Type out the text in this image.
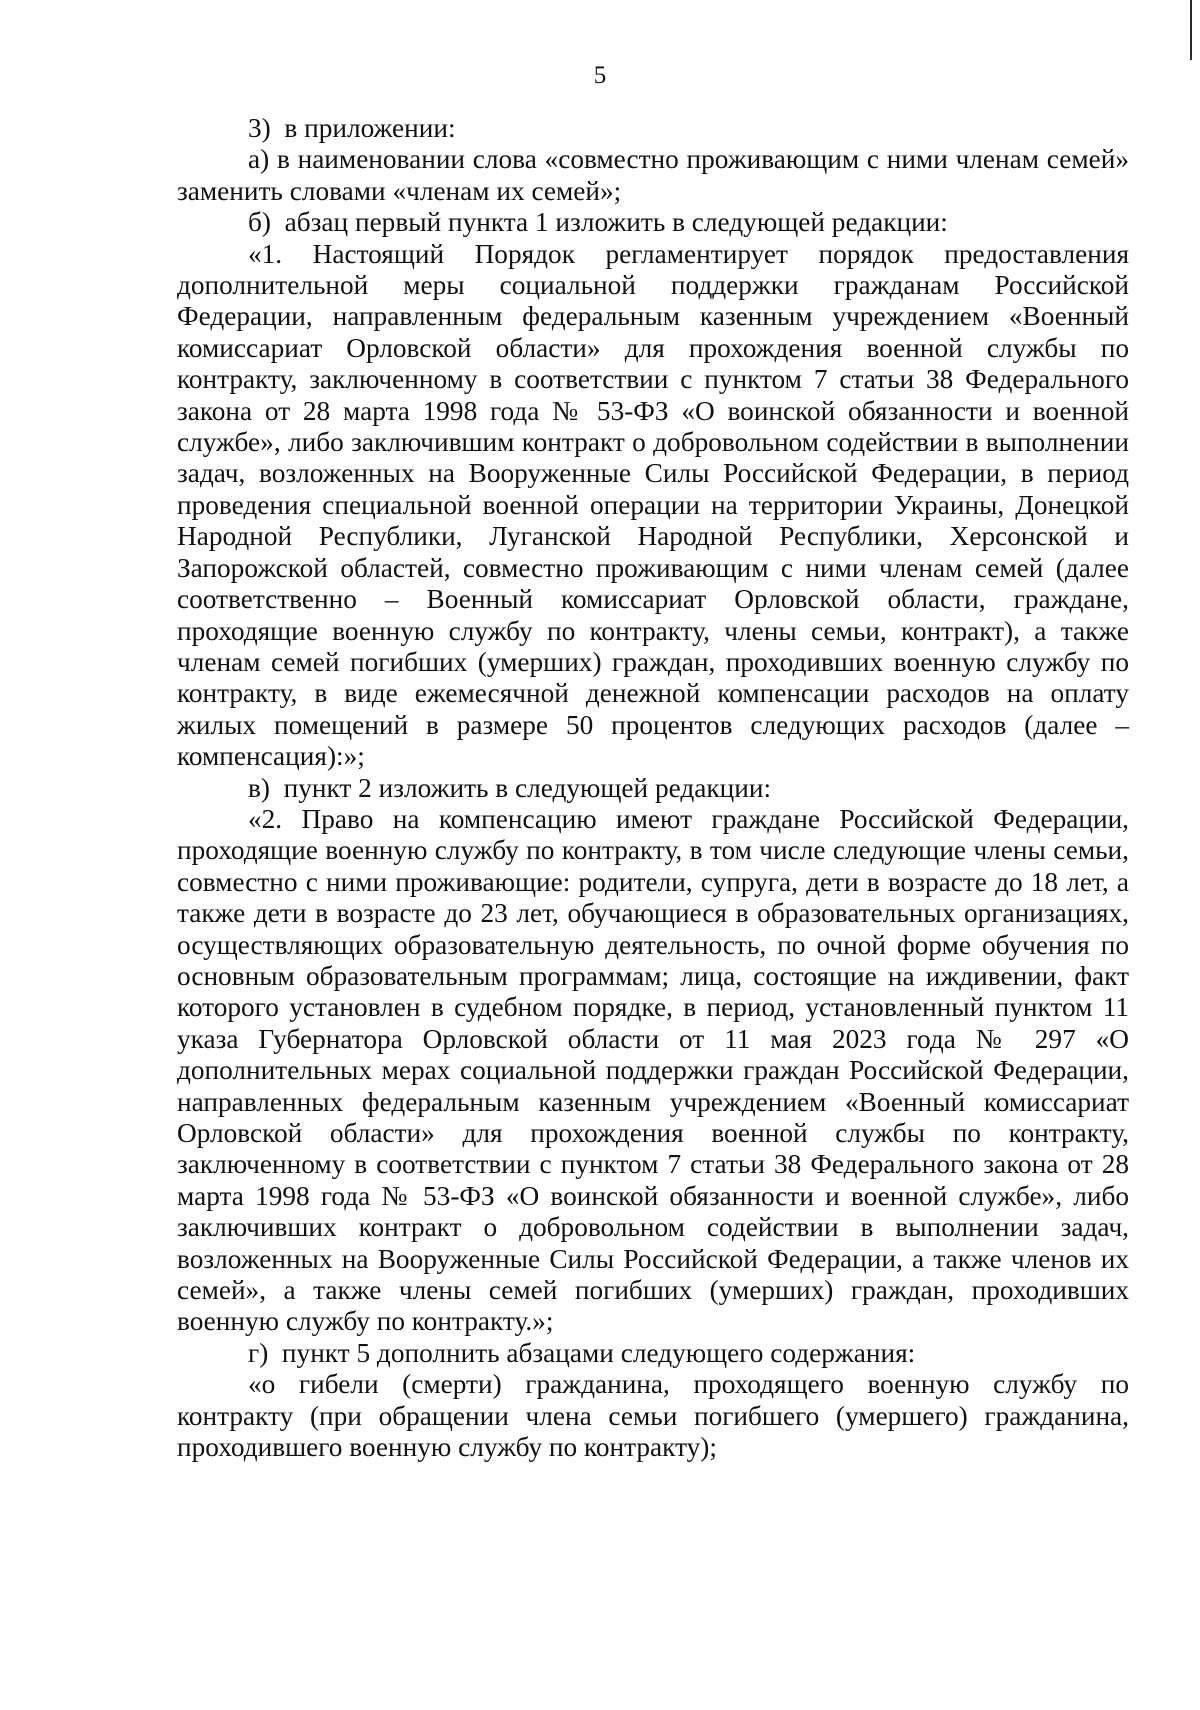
5

3)  в приложении:

а) в наименовании слова «совместно проживающим с ними членам семей» заменить словами «членам их семей»;

б)  абзац первый пункта 1 изложить в следующей редакции:

«1. Настоящий Порядок регламентирует порядок предоставления дополнительной меры социальной поддержки гражданам Российской Федерации, направленным федеральным казенным учреждением «Военный комиссариат Орловской области» для прохождения военной службы по контракту, заключенному в соответствии с пунктом 7 статьи 38 Федерального закона от 28 марта 1998 года № 53-ФЗ «О воинской обязанности и военной службе», либо заключившим контракт о добровольном содействии в выполнении задач, возложенных на Вооруженные Силы Российской Федерации, в период проведения специальной военной операции на территории Украины, Донецкой Народной Республики, Луганской Народной Республики, Херсонской и Запорожской областей, совместно проживающим с ними членам семей (далее соответственно – Военный комиссариат Орловской области, граждане, проходящие военную службу по контракту, члены семьи, контракт), а также членам семей погибших (умерших) граждан, проходивших военную службу по контракту, в виде ежемесячной денежной компенсации расходов на оплату жилых помещений в размере 50 процентов следующих расходов (далее – компенсация):»;

в)  пункт 2 изложить в следующей редакции:

«2. Право на компенсацию имеют граждане Российской Федерации, проходящие военную службу по контракту, в том числе следующие члены семьи, совместно с ними проживающие: родители, супруга, дети в возрасте до 18 лет, а также дети в возрасте до 23 лет, обучающиеся в образовательных организациях, осуществляющих образовательную деятельность, по очной форме обучения по основным образовательным программам; лица, состоящие на иждивении, факт которого установлен в судебном порядке, в период, установленный пунктом 11 указа Губернатора Орловской области от 11 мая 2023 года № 297 «О дополнительных мерах социальной поддержки граждан Российской Федерации, направленных федеральным казенным учреждением «Военный комиссариат Орловской области» для прохождения военной службы по контракту, заключенному в соответствии с пунктом 7 статьи 38 Федерального закона от 28 марта 1998 года № 53-ФЗ «О воинской обязанности и военной службе», либо заключивших контракт о добровольном содействии в выполнении задач, возложенных на Вооруженные Силы Российской Федерации, а также членов их семей», а также члены семей погибших (умерших) граждан, проходивших военную службу по контракту.»;

г)  пункт 5 дополнить абзацами следующего содержания:

«о гибели (смерти) гражданина, проходящего военную службу по контракту (при обращении члена семьи погибшего (умершего) гражданина, проходившего военную службу по контракту);
